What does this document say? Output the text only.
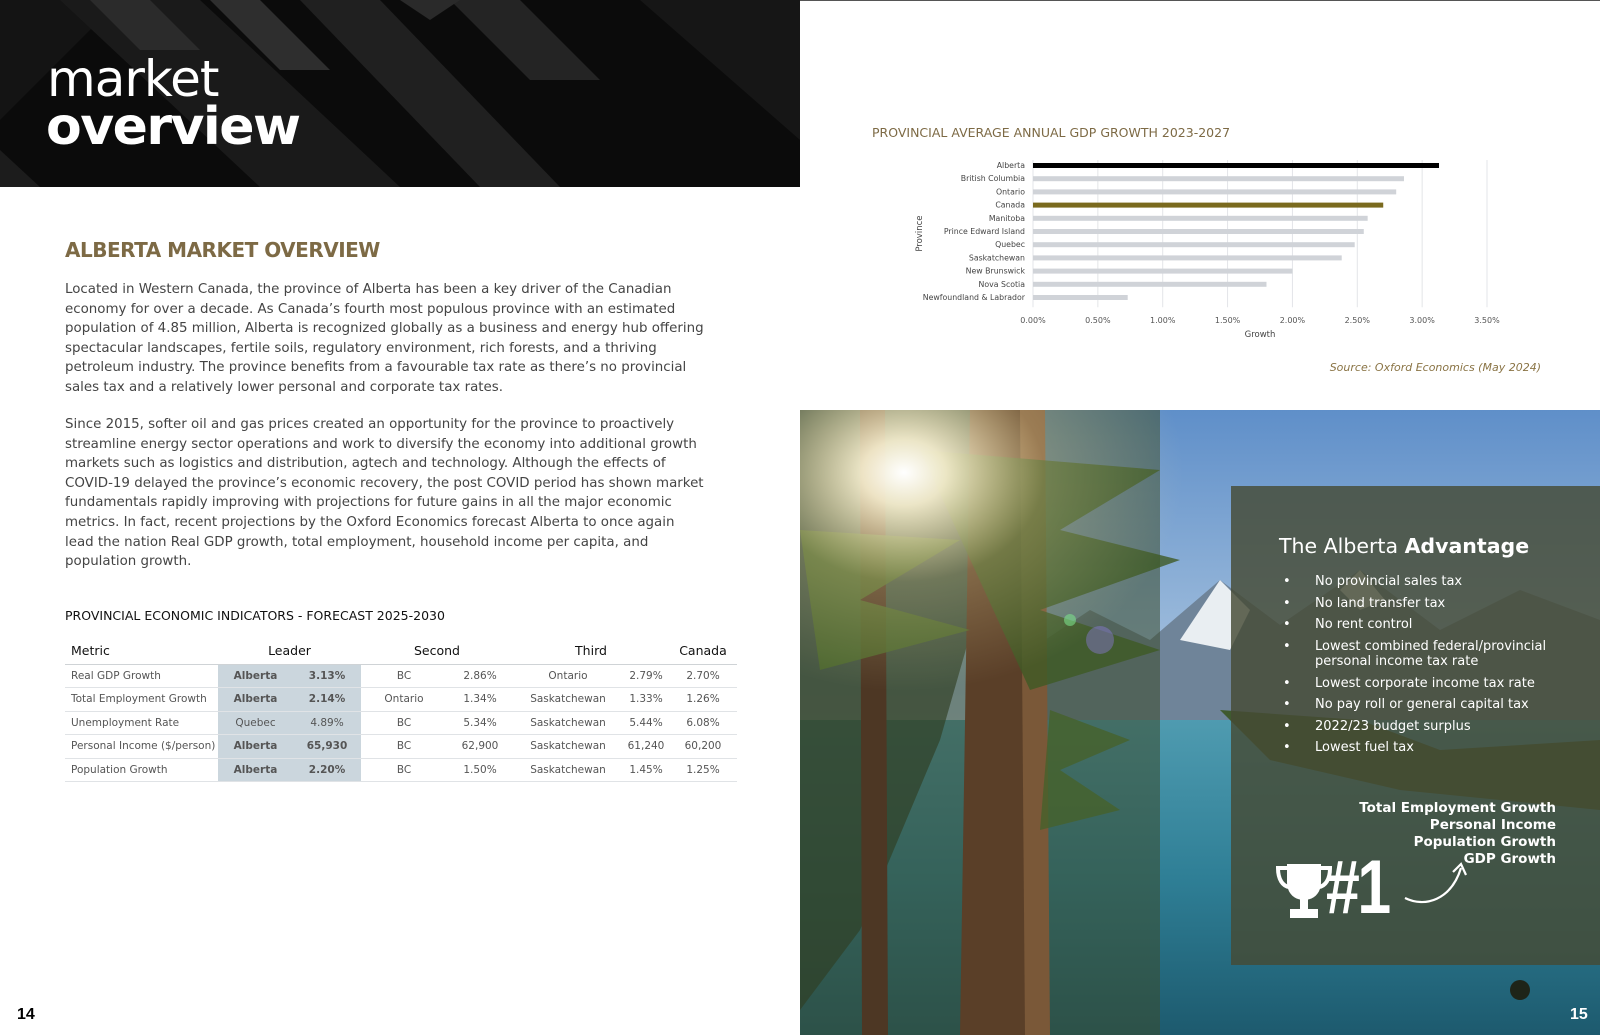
market
overview
ALBERTA MARKET OVERVIEW

Located in Western Canada, the province of Alberta has been a key driver of the Canadian economy for over a decade. As Canada’s fourth most populous province with an estimated population of 4.85 million, Alberta is recognized globally as a business and energy hub offering spectacular landscapes, fertile soils, regulatory environment, rich forests, and a thriving petroleum industry. The province benefits from a favourable tax rate as there’s no provincial sales tax and a relatively lower personal and corporate tax rates.

Since 2015, softer oil and gas prices created an opportunity for the province to proactively streamline energy sector operations and work to diversify the economy into additional growth markets such as logistics and distribution, agtech and technology. Although the effects of COVID-19 delayed the province’s economic recovery, the post COVID period has shown market fundamentals rapidly improving with projections for future gains in all the major economic metrics. In fact, recent projections by the Oxford Economics forecast Alberta to once again lead the nation Real GDP growth, total employment, household income per capita, and population growth.

PROVINCIAL ECONOMIC INDICATORS - FORECAST 2025-2030
Metric	Leader		Second		Third		Canada
Real GDP Growth	Alberta	3.13%	BC	2.86%	Ontario	2.79%	2.70%
Total Employment Growth	Alberta	2.14%	Ontario	1.34%	Saskatchewan	1.33%	1.26%
Unemployment Rate	Quebec	4.89%	BC	5.34%	Saskatchewan	5.44%	6.08%
Personal Income ($/person)	Alberta	65,930	BC	62,900	Saskatchewan	61,240	60,200
Population Growth	Alberta	2.20%	BC	1.50%	Saskatchewan	1.45%	1.25%
14
PROVINCIAL AVERAGE ANNUAL GDP GROWTH 2023-2027
0.00%	0.50%	1.00%	1.50%	2.00%	2.50%	3.00%	3.50%
Alberta
British Columbia
Ontario
Canada
Manitoba
Prince Edward Island
Quebec
Saskatchewan
New Brunswick
Nova Scotia
Newfoundland & Labrador
Growth
Province
Source: Oxford Economics (May 2024)
The Alberta Advantage
• No provincial sales tax
• No land transfer tax
• No rent control
• Lowest combined federal/provincial personal income tax rate
• Lowest corporate income tax rate
• No pay roll or general capital tax
• 2022/23 budget surplus
• Lowest fuel tax
Total Employment Growth
Personal Income
Population Growth
GDP Growth
#1
15
